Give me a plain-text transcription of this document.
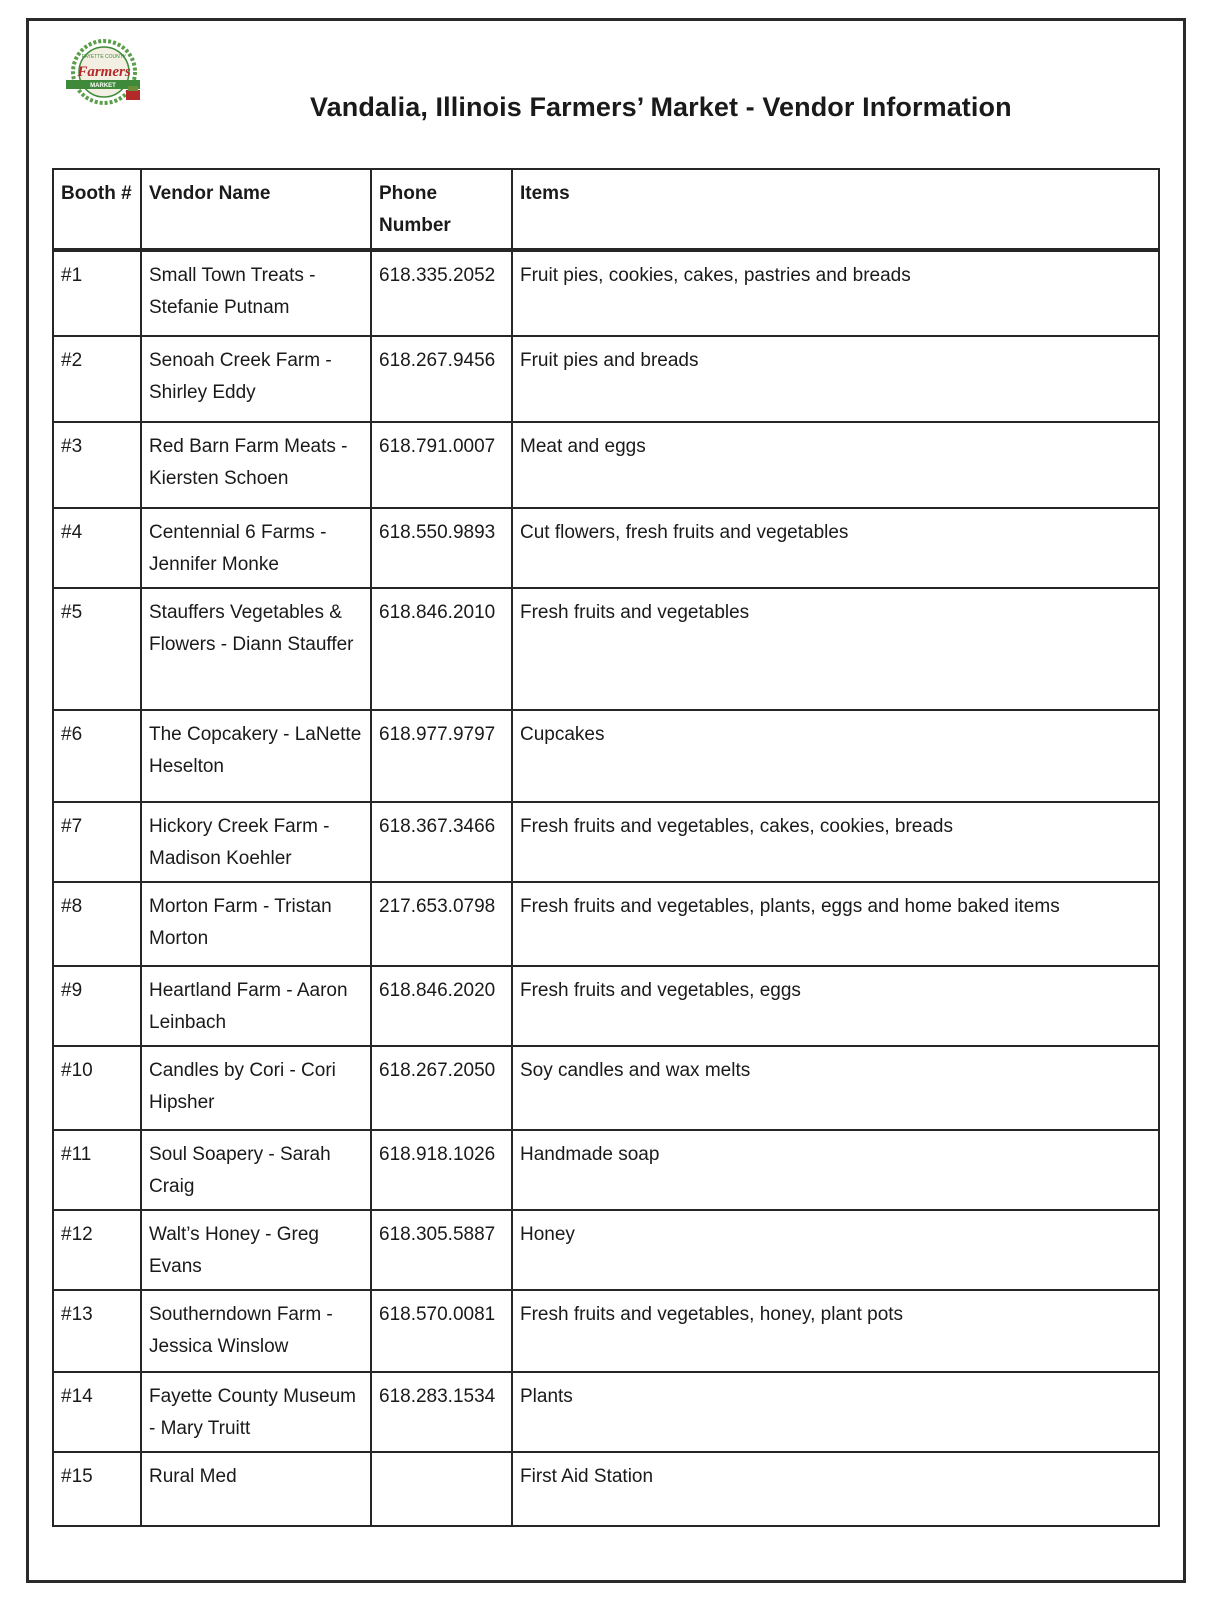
FAYETTE COUNTY
Farmers
MARKET
Vandalia, Illinois Farmers’ Market - Vendor Information
Booth #	Vendor Name	Phone Number	Items
#1	Small Town Treats - Stefanie Putnam	618.335.2052	Fruit pies, cookies, cakes, pastries and breads
#2	Senoah Creek Farm - Shirley Eddy	618.267.9456	Fruit pies and breads
#3	Red Barn Farm Meats - Kiersten Schoen	618.791.0007	Meat and eggs
#4	Centennial 6 Farms - Jennifer Monke	618.550.9893	Cut flowers, fresh fruits and vegetables
#5	Stauffers Vegetables & Flowers - Diann Stauffer	618.846.2010	Fresh fruits and vegetables
#6	The Copcakery - LaNette Heselton	618.977.9797	Cupcakes
#7	Hickory Creek Farm - Madison Koehler	618.367.3466	Fresh fruits and vegetables, cakes, cookies, breads
#8	Morton Farm - Tristan Morton	217.653.0798	Fresh fruits and vegetables, plants, eggs and home baked items
#9	Heartland Farm - Aaron Leinbach	618.846.2020	Fresh fruits and vegetables, eggs
#10	Candles by Cori - Cori Hipsher	618.267.2050	Soy candles and wax melts
#11	Soul Soapery - Sarah Craig	618.918.1026	Handmade soap
#12	Walt’s Honey - Greg Evans	618.305.5887	Honey
#13	Southerndown Farm - Jessica Winslow	618.570.0081	Fresh fruits and vegetables, honey, plant pots
#14	Fayette County Museum - Mary Truitt	618.283.1534	Plants
#15	Rural Med		First Aid Station
